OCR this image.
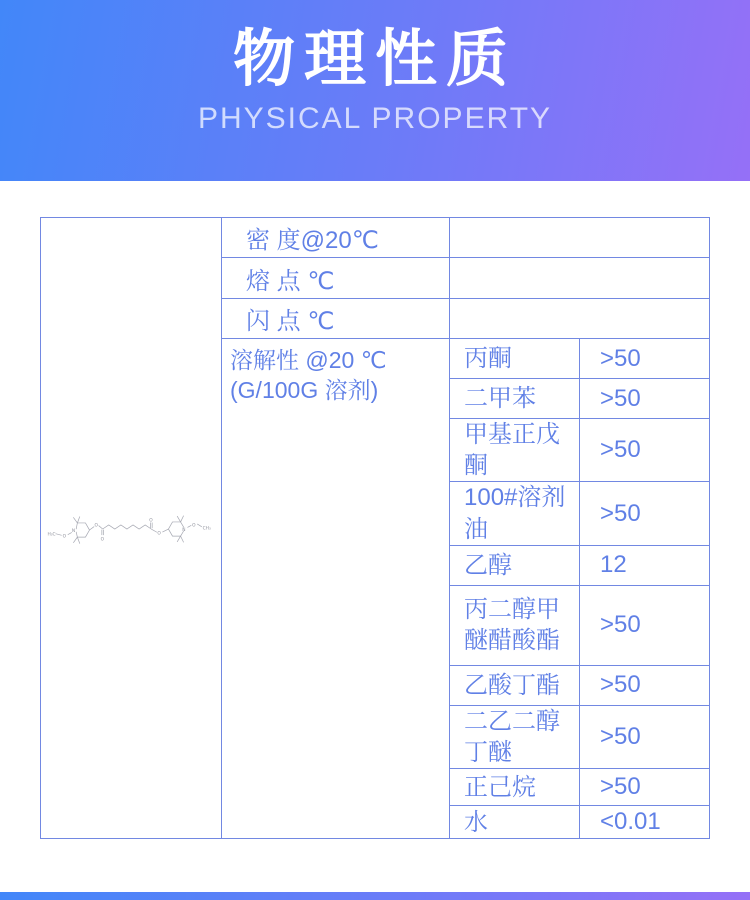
物理性质
PHYSICAL PROPERTY
H₃C O
N
O
O
O
O
N
O
CH₃
	密 度@20℃	
	熔 点 ℃		
	闪 点 ℃		

	溶解性 @20 ℃
(G/100G 溶剂)	丙酮	>50
		二甲苯	>50
		甲基正戊酮	>50
		100#溶剂油	>50
		乙醇	12
		丙二醇甲醚醋酸酯	>50
		乙酸丁酯	>50
		二乙二醇丁醚	>50
		正己烷	>50
		水	<0.01
